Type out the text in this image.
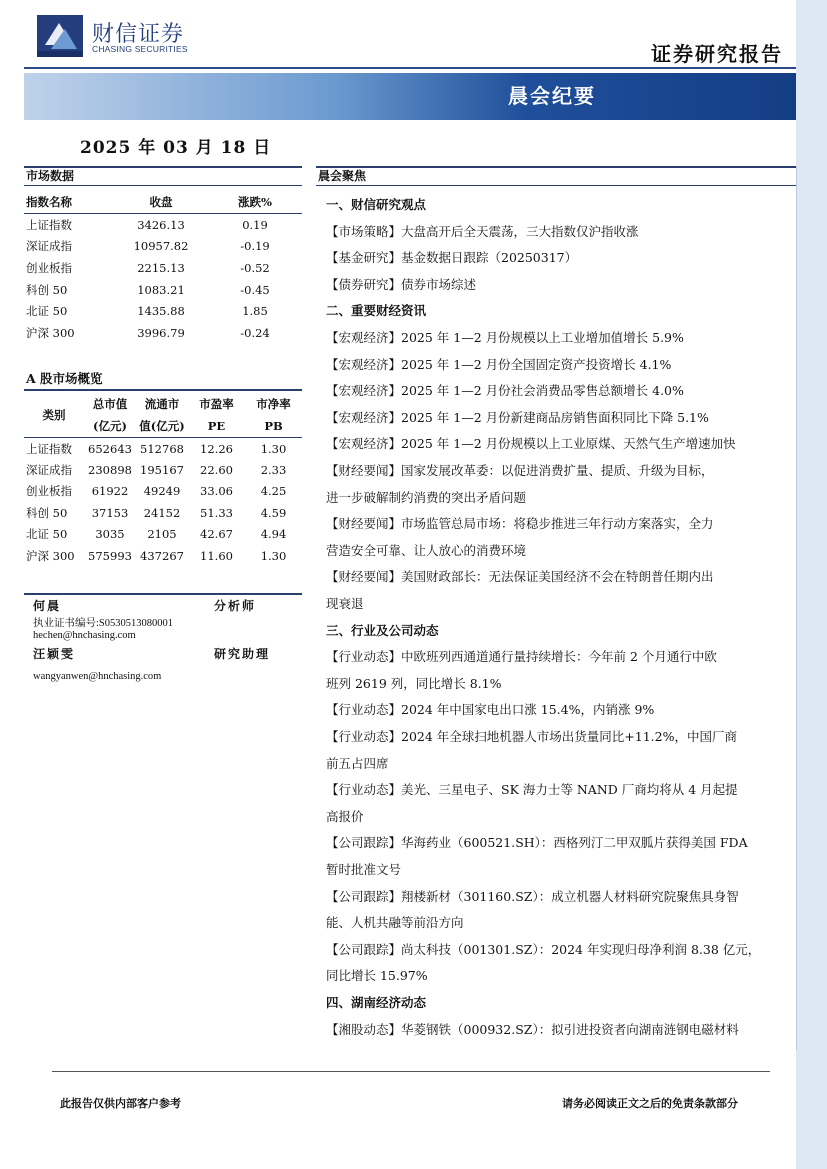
财信证券
CHASING SECURITIES	证券研究报告
晨会纪要
2025 年 03 月 18 日
市场数据
指数名称	收盘	涨跌%
上证指数	3426.13	0.19
深证成指	10957.82	-0.19
创业板指	2215.13	-0.52
科创 50	1083.21	-0.45
北证 50	1435.88	1.85
沪深 300	3996.79	-0.24
A 股市场概览
类别	总市值	流通市	市盈率	市净率
	(亿元)	值(亿元)	PE	PB
上证指数	652643	512768	12.26	1.30
深证成指	230898	195167	22.60	2.33
创业板指	61922	49249	33.06	4.25
科创 50	37153	24152	51.33	4.59
北证 50	3035	2105	42.67	4.94
沪深 300	575993	437267	11.60	1.30
何晨	分析师
执业证书编号:S0530513080001
hechen@hnchasing.com
汪颖雯	研究助理
wangyanwen@hnchasing.com
晨会聚焦
一、财信研究观点
【市场策略】大盘高开后全天震荡，三大指数仅沪指收涨
【基金研究】基金数据日跟踪（20250317）
【债券研究】债券市场综述
二、重要财经资讯
【宏观经济】2025 年 1—2 月份规模以上工业增加值增长 5.9%
【宏观经济】2025 年 1—2 月份全国固定资产投资增长 4.1%
【宏观经济】2025 年 1—2 月份社会消费品零售总额增长 4.0%
【宏观经济】2025 年 1—2 月份新建商品房销售面积同比下降 5.1%
【宏观经济】2025 年 1—2 月份规模以上工业原煤、天然气生产增速加快
【财经要闻】国家发展改革委：以促进消费扩量、提质、升级为目标，
进一步破解制约消费的突出矛盾问题
【财经要闻】市场监管总局市场：将稳步推进三年行动方案落实，全力
营造安全可靠、让人放心的消费环境
【财经要闻】美国财政部长：无法保证美国经济不会在特朗普任期内出
现衰退
三、行业及公司动态
【行业动态】中欧班列西通道通行量持续增长：今年前 2 个月通行中欧
班列 2619 列，同比增长 8.1%
【行业动态】2024 年中国家电出口涨 15.4%，内销涨 9%
【行业动态】2024 年全球扫地机器人市场出货量同比+11.2%，中国厂商
前五占四席
【行业动态】美光、三星电子、SK 海力士等 NAND 厂商均将从 4 月起提
高报价
【公司跟踪】华海药业（600521.SH）：西格列汀二甲双胍片获得美国 FDA
暂时批准文号
【公司跟踪】翔楼新材（301160.SZ）：成立机器人材料研究院聚焦具身智
能、人机共融等前沿方向
【公司跟踪】尚太科技（001301.SZ）：2024 年实现归母净利润 8.38 亿元，
同比增长 15.97%
四、湖南经济动态
【湘股动态】华菱钢铁（000932.SZ）：拟引进投资者向湖南涟钢电磁材料
此报告仅供内部客户参考	请务必阅读正文之后的免责条款部分
